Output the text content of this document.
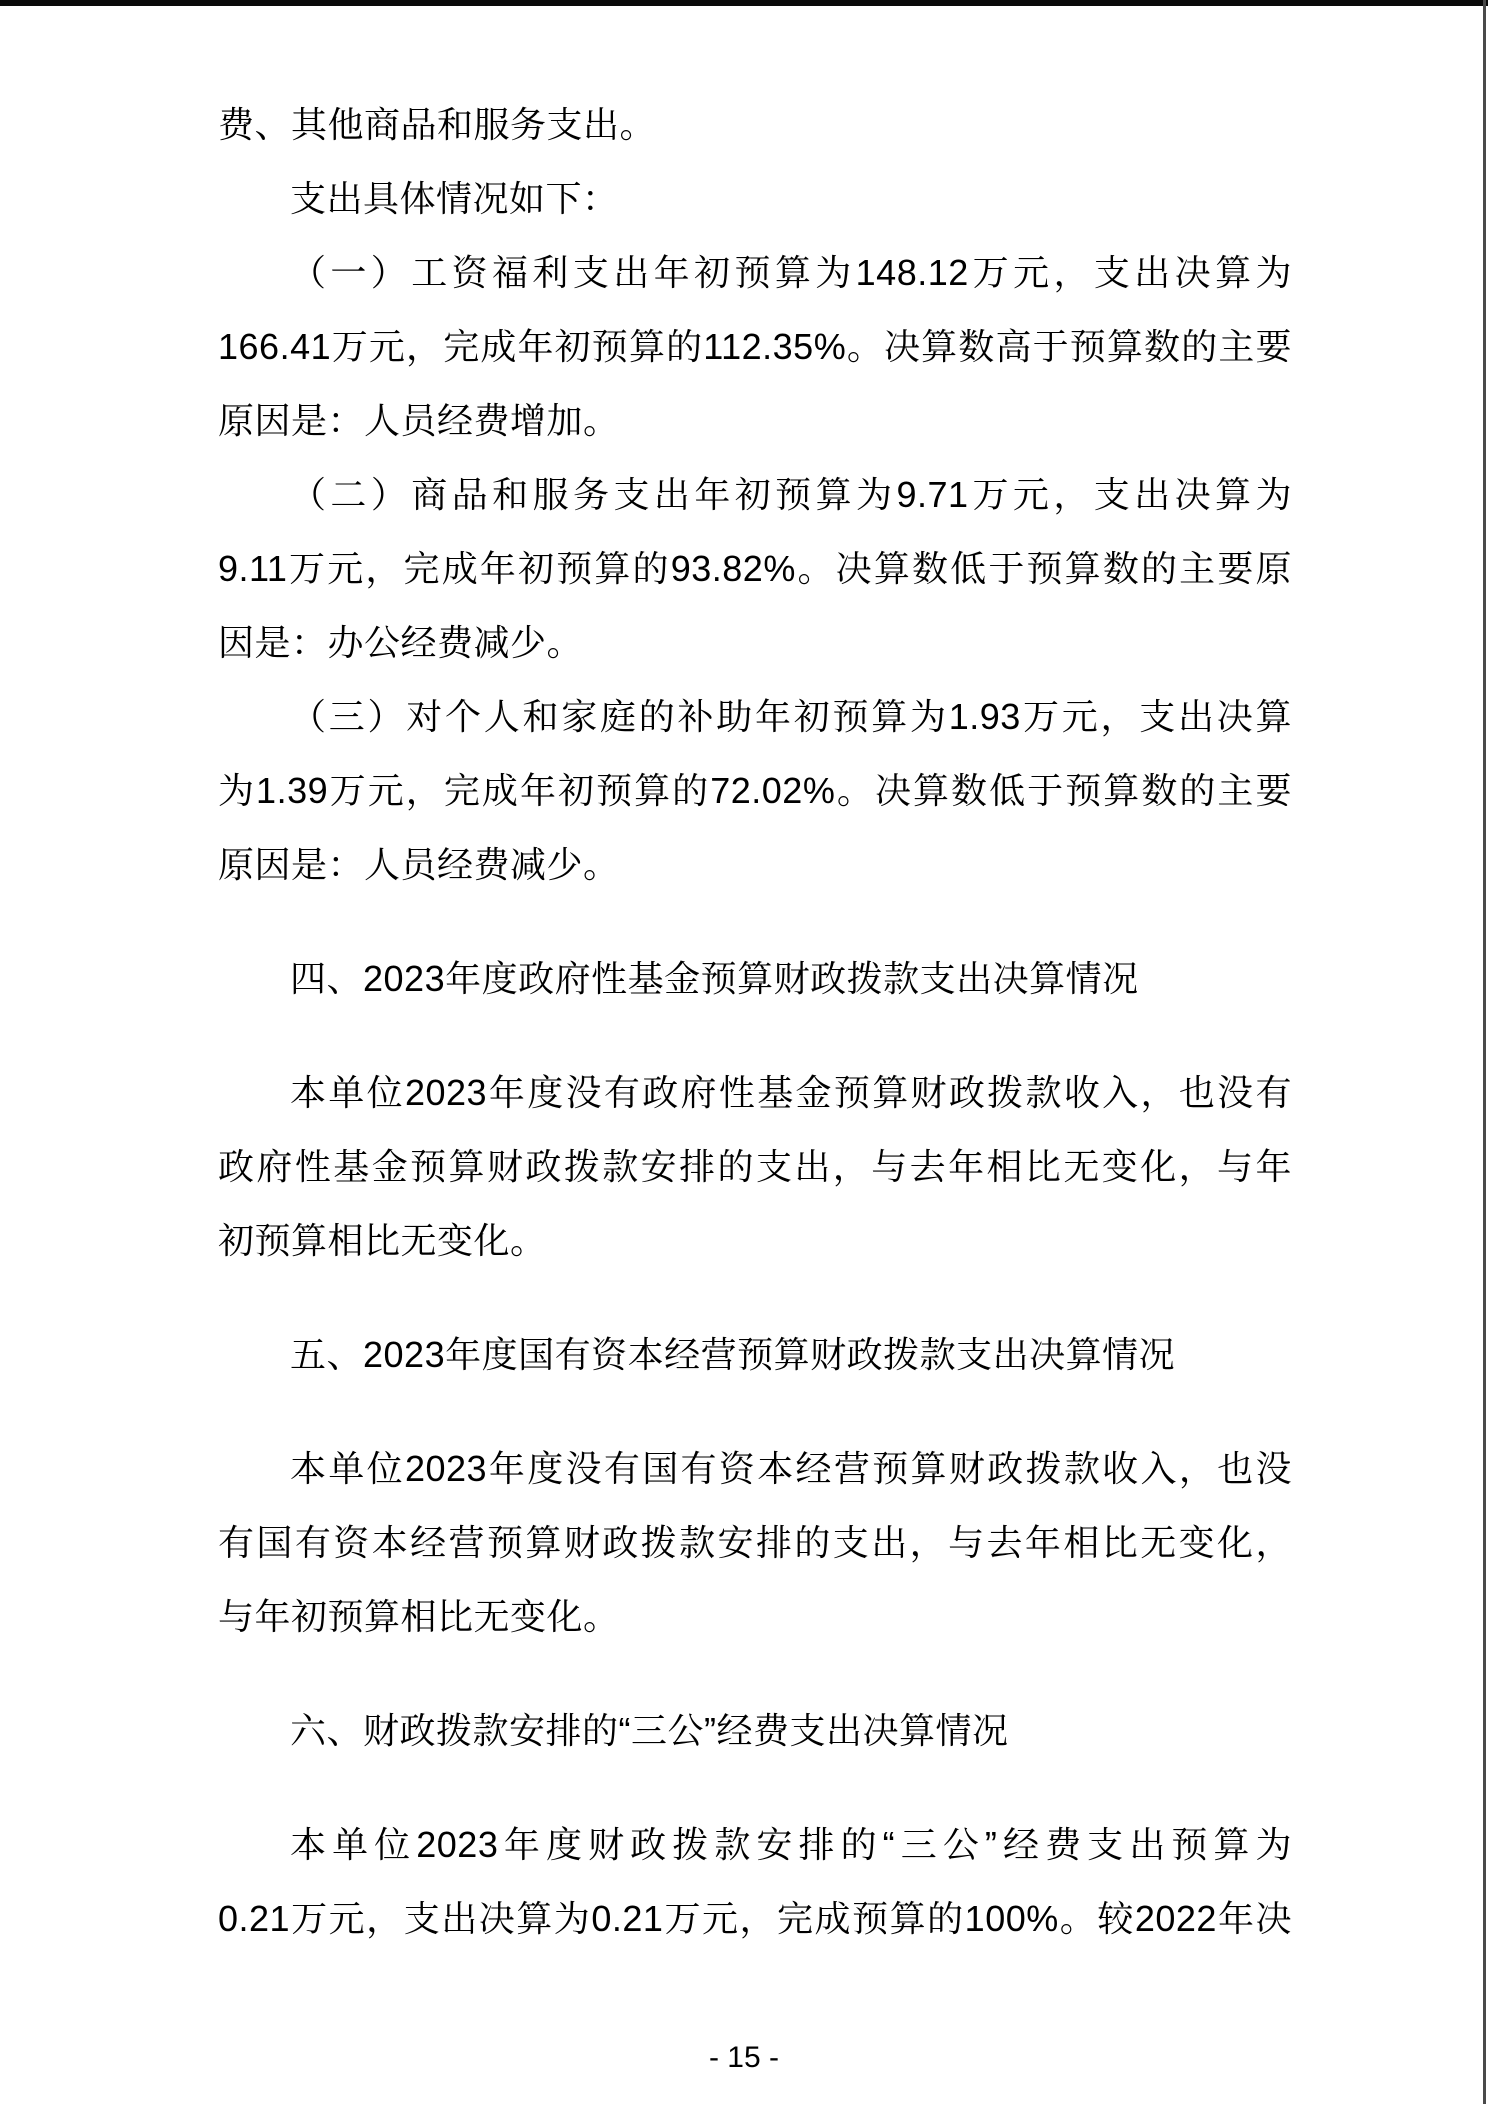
费、其他商品和服务支出。

支出具体情况如下：

（一）工资福利支出年初预算为148.12万元，支出决算为

166.41万元，完成年初预算的112.35%。决算数高于预算数的主要

原因是：人员经费增加。

（二）商品和服务支出年初预算为9.71万元，支出决算为

9.11万元，完成年初预算的93.82%。决算数低于预算数的主要原

因是：办公经费减少。

（三）对个人和家庭的补助年初预算为1.93万元，支出决算

为1.39万元，完成年初预算的72.02%。决算数低于预算数的主要

原因是：人员经费减少。

四、2023年度政府性基金预算财政拨款支出决算情况

本单位2023年度没有政府性基金预算财政拨款收入，也没有

政府性基金预算财政拨款安排的支出，与去年相比无变化，与年

初预算相比无变化。

五、2023年度国有资本经营预算财政拨款支出决算情况

本单位2023年度没有国有资本经营预算财政拨款收入，也没

有国有资本经营预算财政拨款安排的支出，与去年相比无变化，

与年初预算相比无变化。

六、财政拨款安排的“三公”经费支出决算情况

本单位2023年度财政拨款安排的“三公”经费支出预算为

0.21万元，支出决算为0.21万元，完成预算的100%。较2022年决

- 15 -
